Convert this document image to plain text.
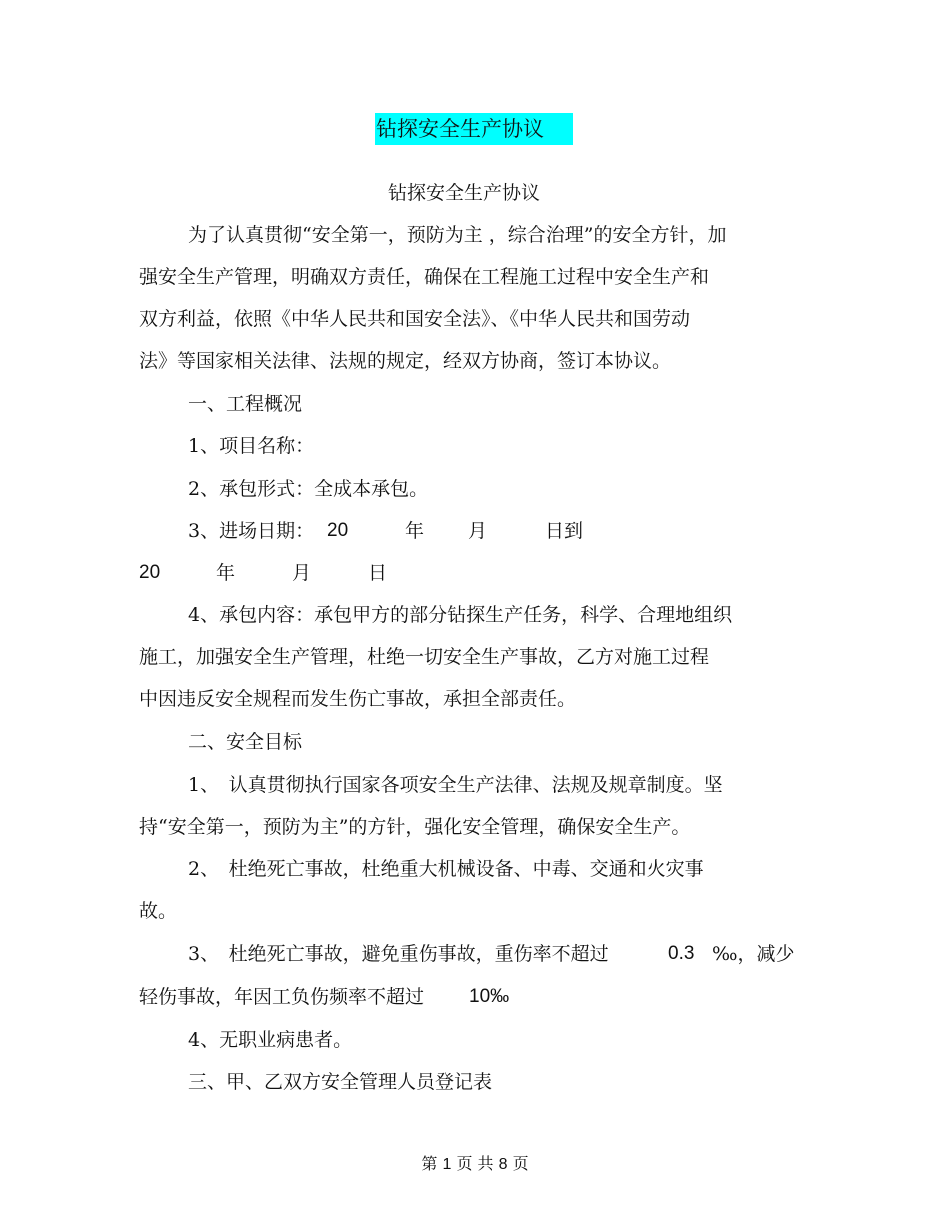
钻探安全生产协议

钻探安全生产协议

为了认真贯彻“安全第一，预防为主 ，综合治理”的安全方针，加

强安全生产管理，明确双方责任，确保在工程施工过程中安全生产和

双方利益，依照《中华人民共和国安全法》、《中华人民共和国劳动

法》等国家相关法律、法规的规定，经双方协商，签订本协议。

一、工程概况

1、项目名称：

2、承包形式：全成本承包。

3、进场日期： 20	年 月	日到
20	年	月	日

4、承包内容：承包甲方的部分钻探生产任务，科学、合理地组织

施工，加强安全生产管理，杜绝一切安全生产事故，乙方对施工过程

中因违反安全规程而发生伤亡事故，承担全部责任。

二、安全目标

1、　认真贯彻执行国家各项安全生产法律、法规及规章制度。坚

持“安全第一，预防为主”的方针，强化安全管理，确保安全生产。

2、　杜绝死亡事故，杜绝重大机械设备、中毒、交通和火灾事

故。

3、　杜绝死亡事故，避免重伤事故，重伤率不超过	0.3 ‰，减少

轻伤事故，年因工负伤频率不超过 10‰

4、无职业病患者。

三、甲、乙双方安全管理人员登记表

第 1 页 共 8 页
